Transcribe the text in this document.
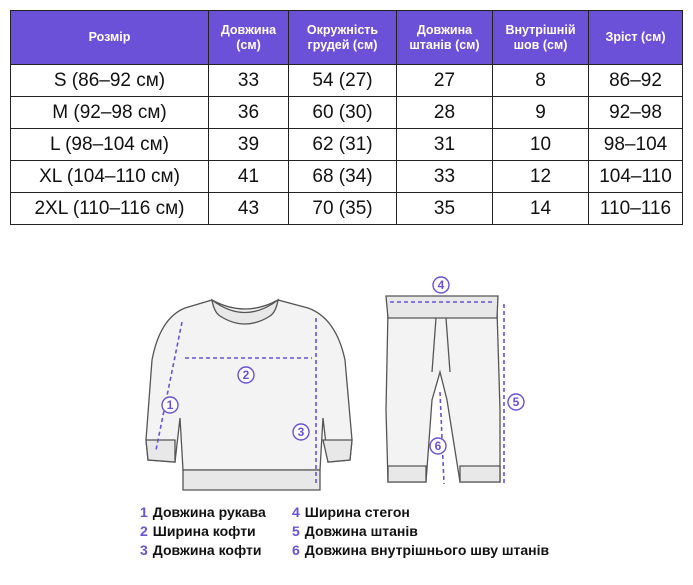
Розмір	Довжина (см)	Окружність грудей (см)	Довжина штанів (см)	Внутрішній шов (см)	Зріст (см)
S (86–92 см)	33	54 (27)	27	8	86–92
M (92–98 см)	36	60 (30)	28	9	92–98
L (98–104 см)	39	62 (31)	31	10	98–104
XL (104–110 см)	41	68 (34)	33	12	104–110
2XL (110–116 см)	43	70 (35)	35	14	110–116
1
2
3
4
5
6
1 Довжина рукава
2 Ширина кофти
3 Довжина кофти
4 Ширина стегон
5 Довжина штанів
6 Довжина внутрішнього шву штанів
